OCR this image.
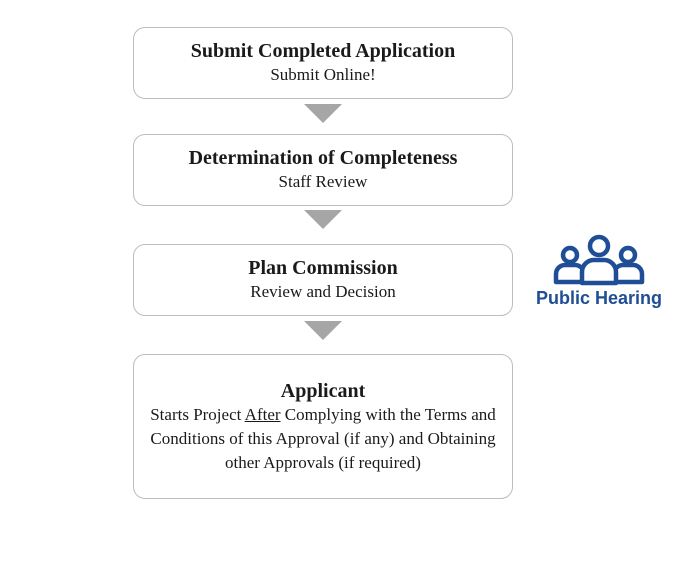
Submit Completed Application
Submit Online!
Determination of Completeness
Staff Review
Plan Commission
Review and Decision
Applicant
Starts Project After Complying with the Terms and Conditions of this Approval (if any) and Obtaining other Approvals (if required)
Public Hearing
